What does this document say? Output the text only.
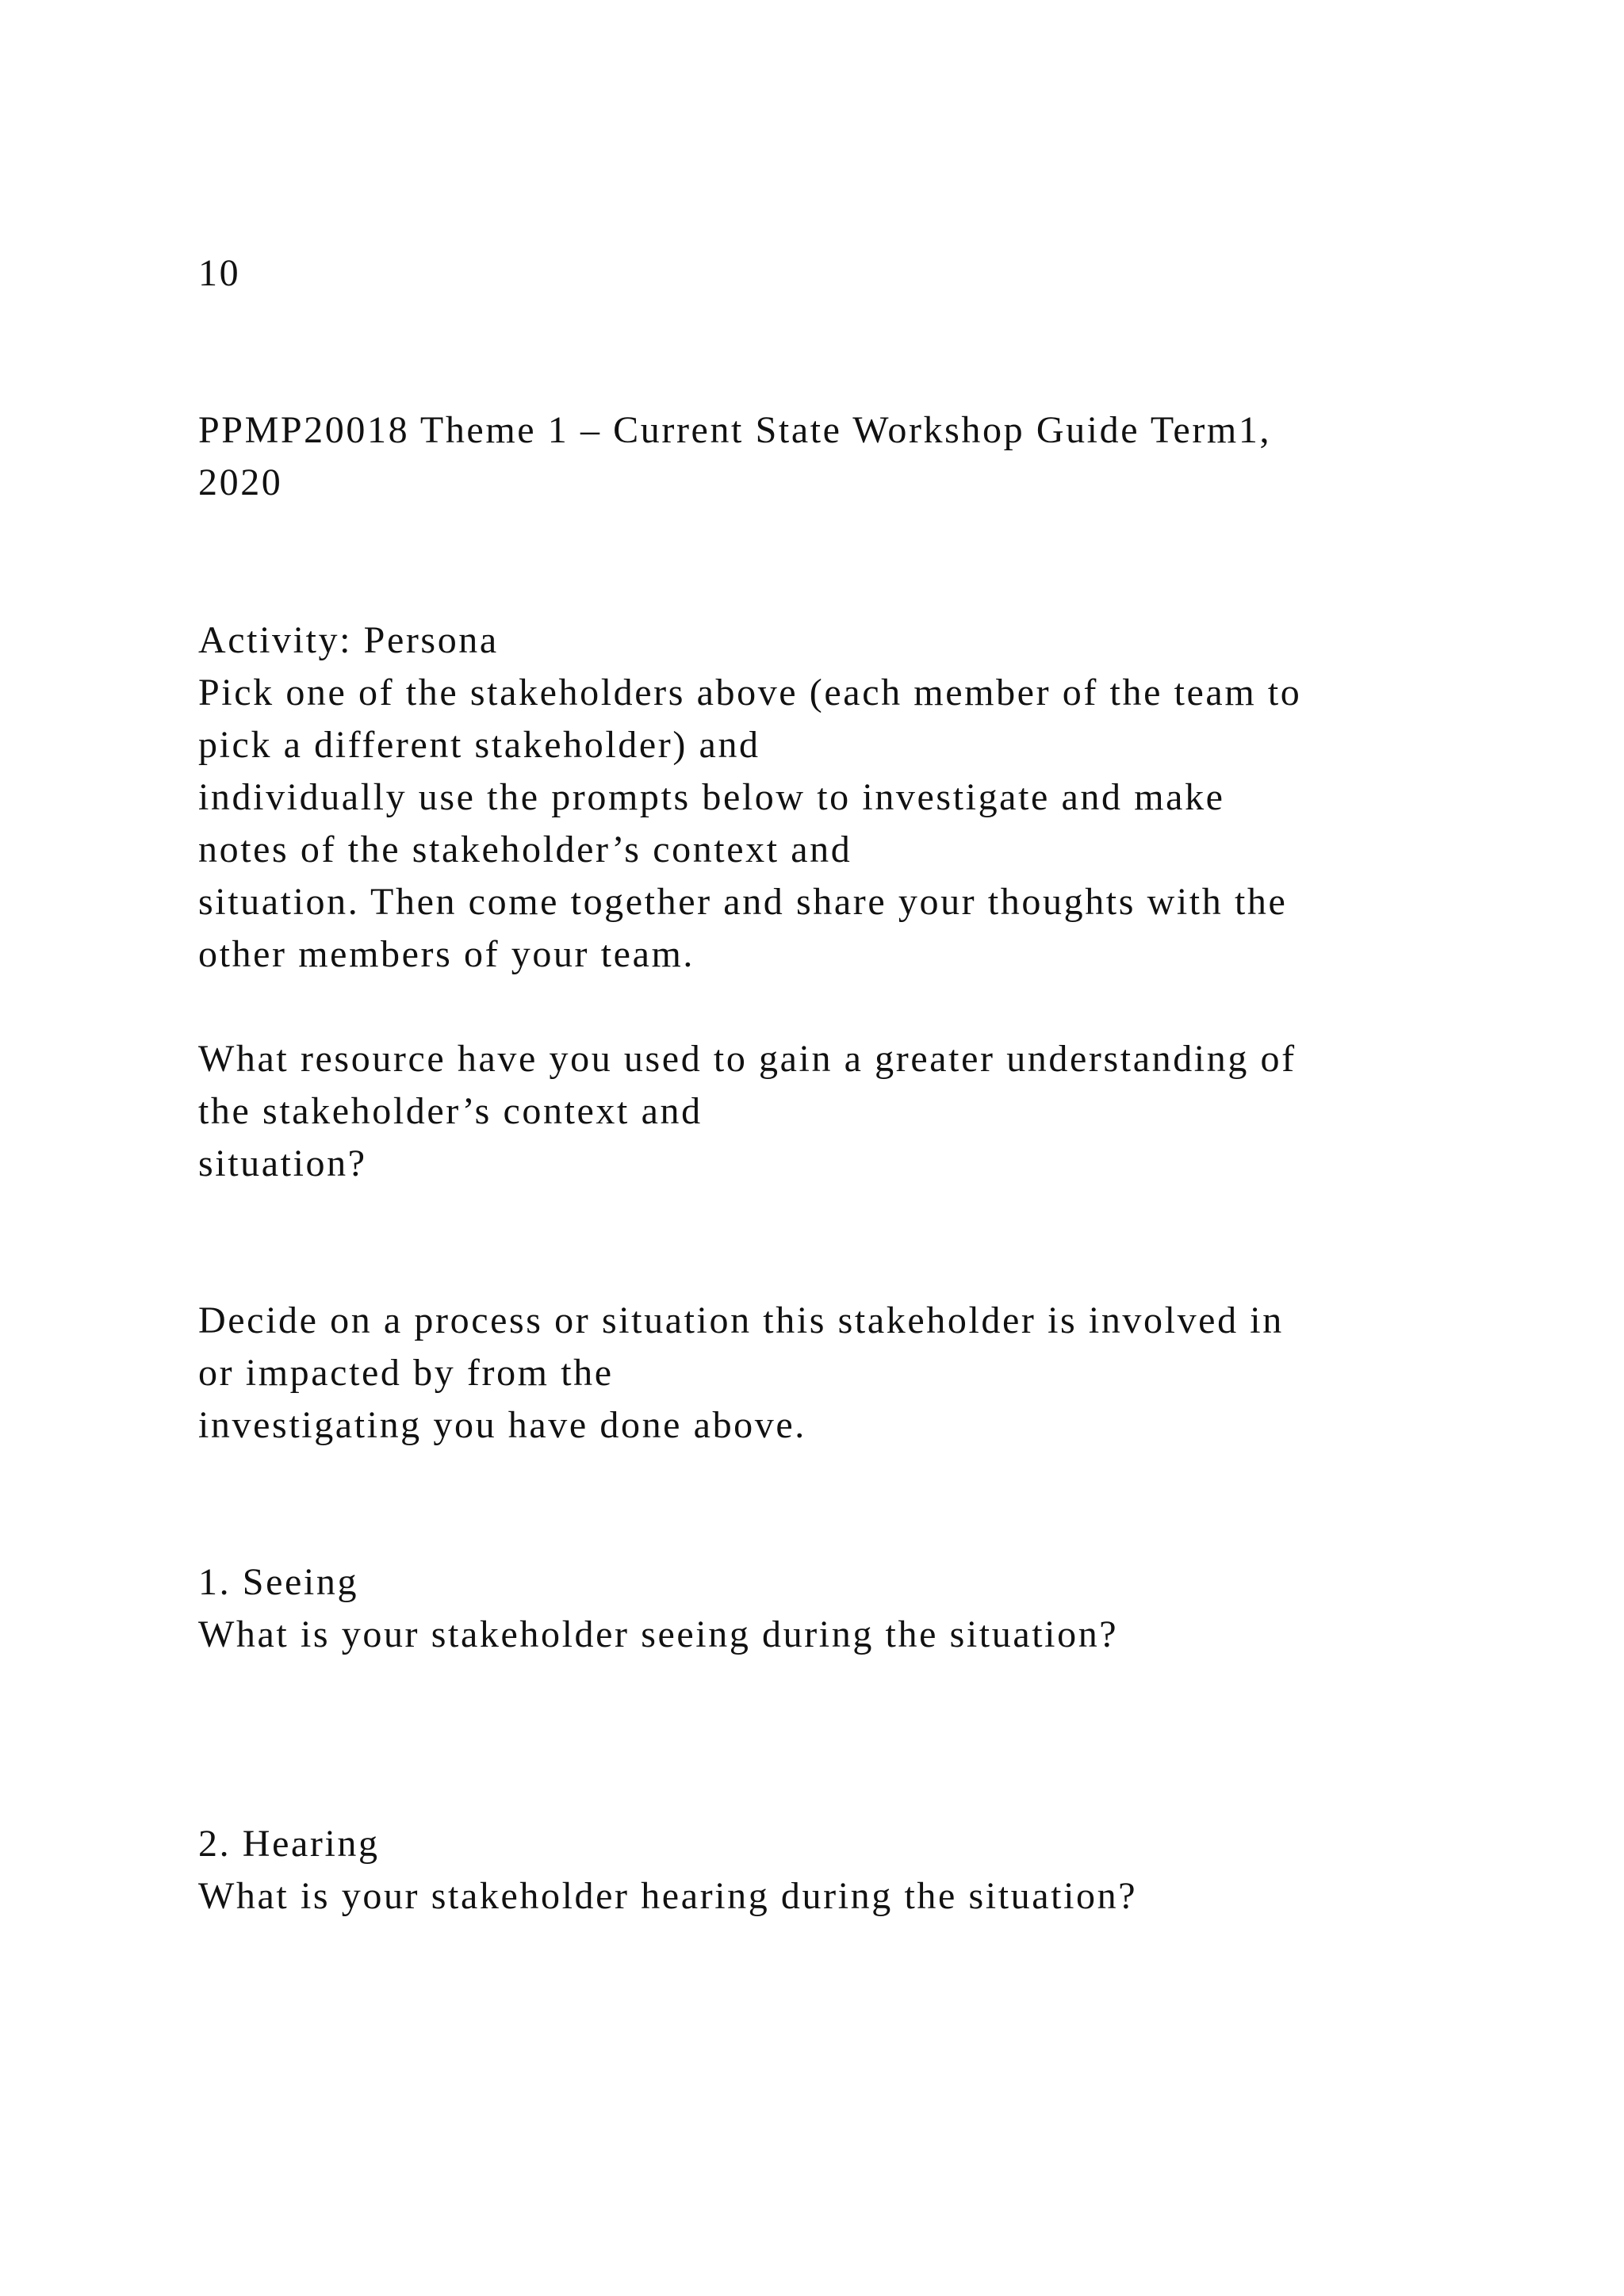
10

PPMP20018 Theme 1 – Current State Workshop Guide Term1,

2020

Activity: Persona

Pick one of the stakeholders above (each member of the team to

pick a different stakeholder) and

individually use the prompts below to investigate and make

notes of the stakeholder’s context and

situation. Then come together and share your thoughts with the

other members of your team.

What resource have you used to gain a greater understanding of

the stakeholder’s context and

situation?

Decide on a process or situation this stakeholder is involved in

or impacted by from the

investigating you have done above.

1. Seeing

What is your stakeholder seeing during the situation?

2. Hearing

What is your stakeholder hearing during the situation?
